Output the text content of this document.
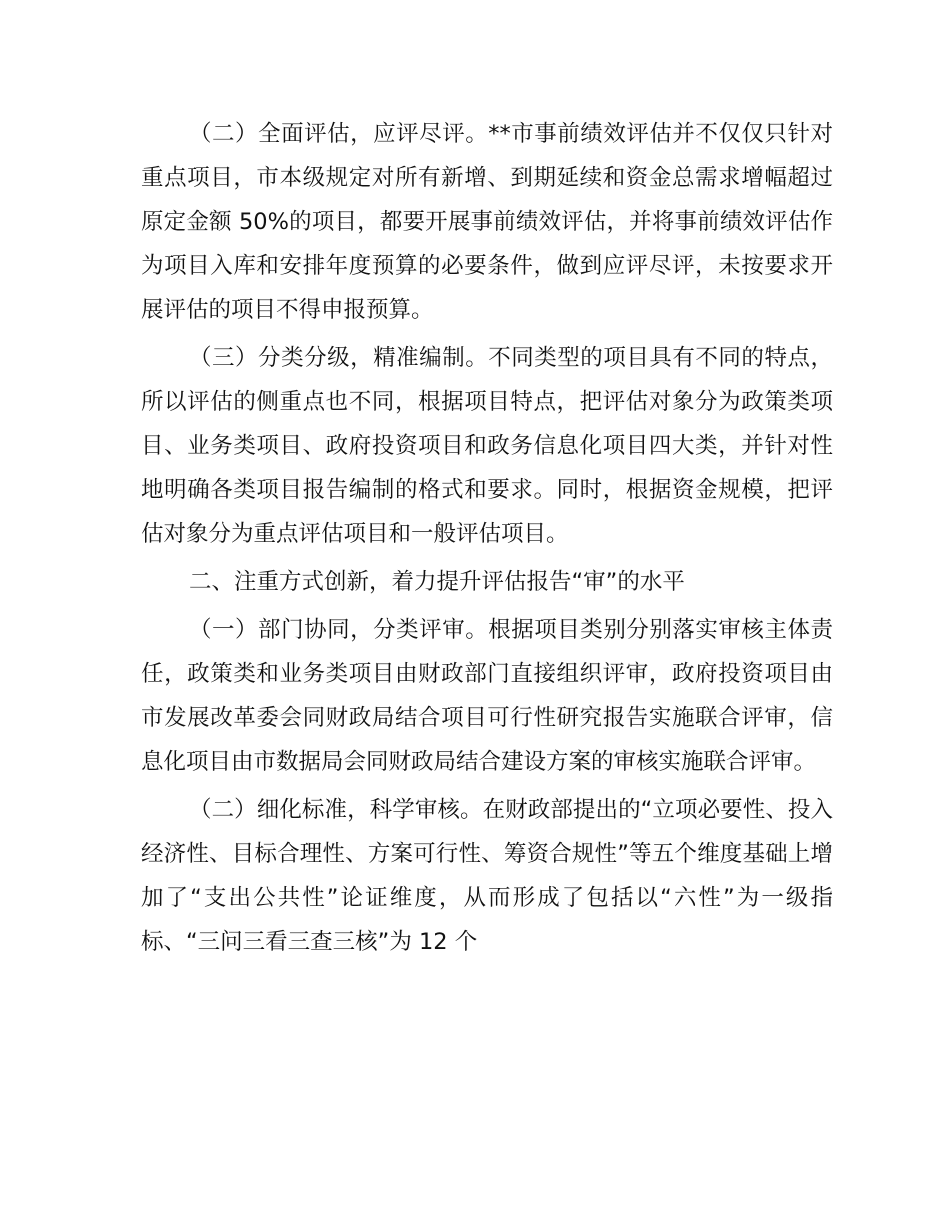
（二）全面评估，应评尽评。**市事前绩效评估并不仅仅只针对重点项目，市本级规定对所有新增、到期延续和资金总需求增幅超过原定金额 50%的项目，都要开展事前绩效评估，并将事前绩效评估作为项目入库和安排年度预算的必要条件，做到应评尽评，未按要求开展评估的项目不得申报预算。

（三）分类分级，精准编制。不同类型的项目具有不同的特点，所以评估的侧重点也不同，根据项目特点，把评估对象分为政策类项目、业务类项目、政府投资项目和政务信息化项目四大类，并针对性地明确各类项目报告编制的格式和要求。同时，根据资金规模，把评估对象分为重点评估项目和一般评估项目。

二、注重方式创新，着力提升评估报告“审”的水平

（一）部门协同，分类评审。根据项目类别分别落实审核主体责任，政策类和业务类项目由财政部门直接组织评审，政府投资项目由市发展改革委会同财政局结合项目可行性研究报告实施联合评审，信息化项目由市数据局会同财政局结合建设方案的审核实施联合评审。

（二）细化标准，科学审核。在财政部提出的“立项必要性、投入经济性、目标合理性、方案可行性、筹资合规性”等五个维度基础上增加了“支出公共性”论证维度，从而形成了包括以“六性”为一级指标、“三问三看三查三核”为 12 个
